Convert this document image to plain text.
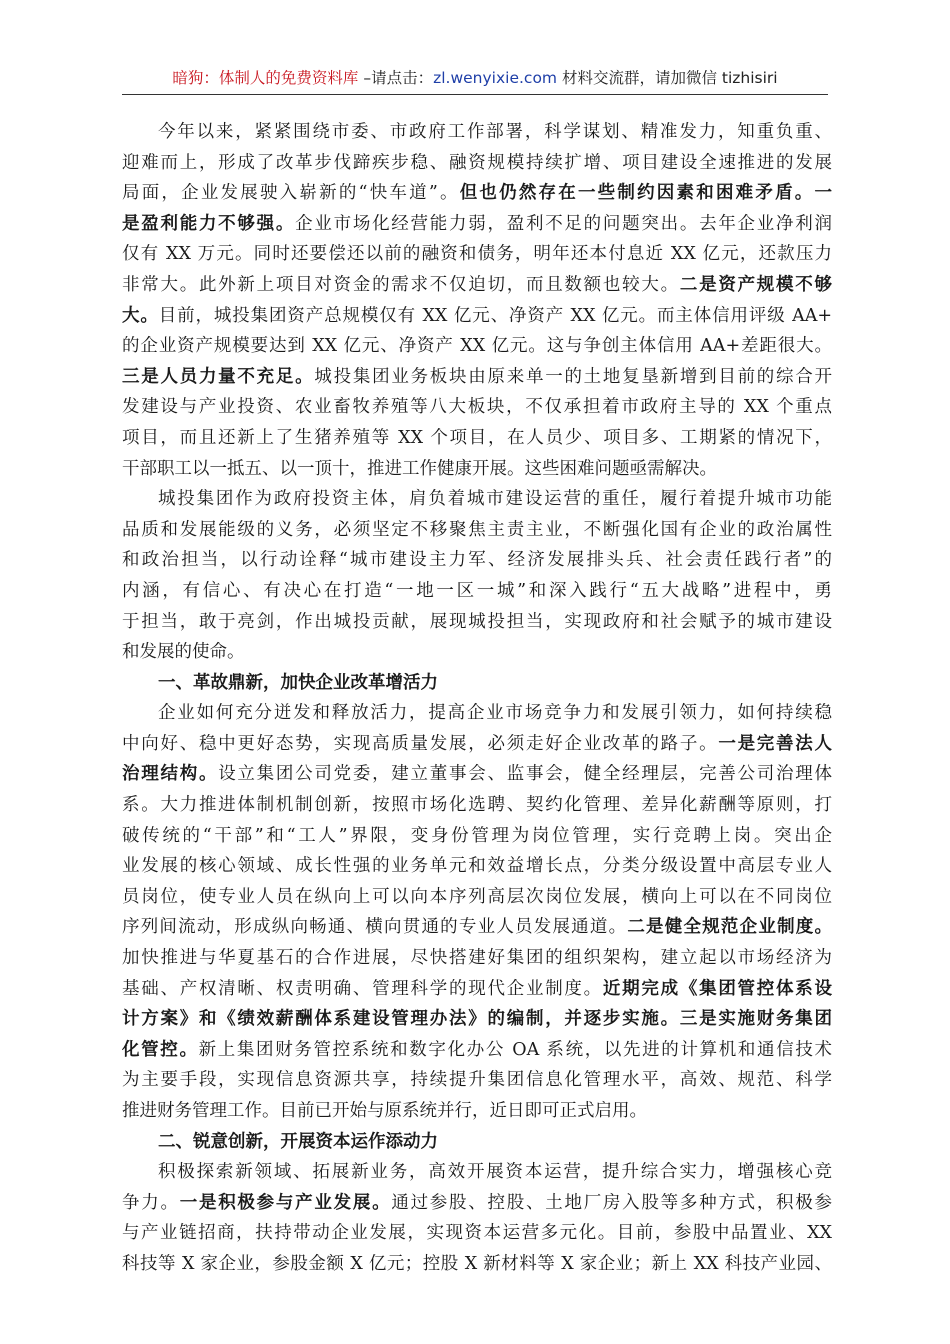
暗狗：体制人的免费资料库 –请点击：zl.wenyixie.com 材料交流群，请加微信 tizhisiri
今年以来，紧紧围绕市委、市政府工作部署，科学谋划、精准发力，知重负重、
迎难而上，形成了改革步伐蹄疾步稳、融资规模持续扩增、项目建设全速推进的发展
局面，企业发展驶入崭新的“快车道”。但也仍然存在一些制约因素和困难矛盾。一
是盈利能力不够强。企业市场化经营能力弱，盈利不足的问题突出。去年企业净利润
仅有 XX 万元。同时还要偿还以前的融资和债务，明年还本付息近 XX 亿元，还款压力
非常大。此外新上项目对资金的需求不仅迫切，而且数额也较大。二是资产规模不够
大。目前，城投集团资产总规模仅有 XX 亿元、净资产 XX 亿元。而主体信用评级 AA+
的企业资产规模要达到 XX 亿元、净资产 XX 亿元。这与争创主体信用 AA+差距很大。
三是人员力量不充足。城投集团业务板块由原来单一的土地复垦新增到目前的综合开
发建设与产业投资、农业畜牧养殖等八大板块，不仅承担着市政府主导的 XX 个重点
项目，而且还新上了生猪养殖等 XX 个项目，在人员少、项目多、工期紧的情况下，
干部职工以一抵五、以一顶十，推进工作健康开展。这些困难问题亟需解决。
城投集团作为政府投资主体，肩负着城市建设运营的重任，履行着提升城市功能
品质和发展能级的义务，必须坚定不移聚焦主责主业，不断强化国有企业的政治属性
和政治担当，以行动诠释“城市建设主力军、经济发展排头兵、社会责任践行者”的
内涵，有信心、有决心在打造“一地一区一城”和深入践行“五大战略”进程中，勇
于担当，敢于亮剑，作出城投贡献，展现城投担当，实现政府和社会赋予的城市建设
和发展的使命。
一、革故鼎新，加快企业改革增活力
企业如何充分迸发和释放活力，提高企业市场竞争力和发展引领力，如何持续稳
中向好、稳中更好态势，实现高质量发展，必须走好企业改革的路子。一是完善法人
治理结构。设立集团公司党委，建立董事会、监事会，健全经理层，完善公司治理体
系。大力推进体制机制创新，按照市场化选聘、契约化管理、差异化薪酬等原则，打
破传统的“干部”和“工人”界限，变身份管理为岗位管理，实行竞聘上岗。突出企
业发展的核心领域、成长性强的业务单元和效益增长点，分类分级设置中高层专业人
员岗位，使专业人员在纵向上可以向本序列高层次岗位发展，横向上可以在不同岗位
序列间流动，形成纵向畅通、横向贯通的专业人员发展通道。二是健全规范企业制度。
加快推进与华夏基石的合作进展，尽快搭建好集团的组织架构，建立起以市场经济为
基础、产权清晰、权责明确、管理科学的现代企业制度。近期完成《集团管控体系设
计方案》和《绩效薪酬体系建设管理办法》的编制，并逐步实施。三是实施财务集团
化管控。新上集团财务管控系统和数字化办公 OA 系统，以先进的计算机和通信技术
为主要手段，实现信息资源共享，持续提升集团信息化管理水平，高效、规范、科学
推进财务管理工作。目前已开始与原系统并行，近日即可正式启用。
二、锐意创新，开展资本运作添动力
积极探索新领域、拓展新业务，高效开展资本运营，提升综合实力，增强核心竞
争力。一是积极参与产业发展。通过参股、控股、土地厂房入股等多种方式，积极参
与产业链招商，扶持带动企业发展，实现资本运营多元化。目前，参股中品置业、XX
科技等 X 家企业，参股金额 X 亿元；控股 X 新材料等 X 家企业；新上 XX 科技产业园、
